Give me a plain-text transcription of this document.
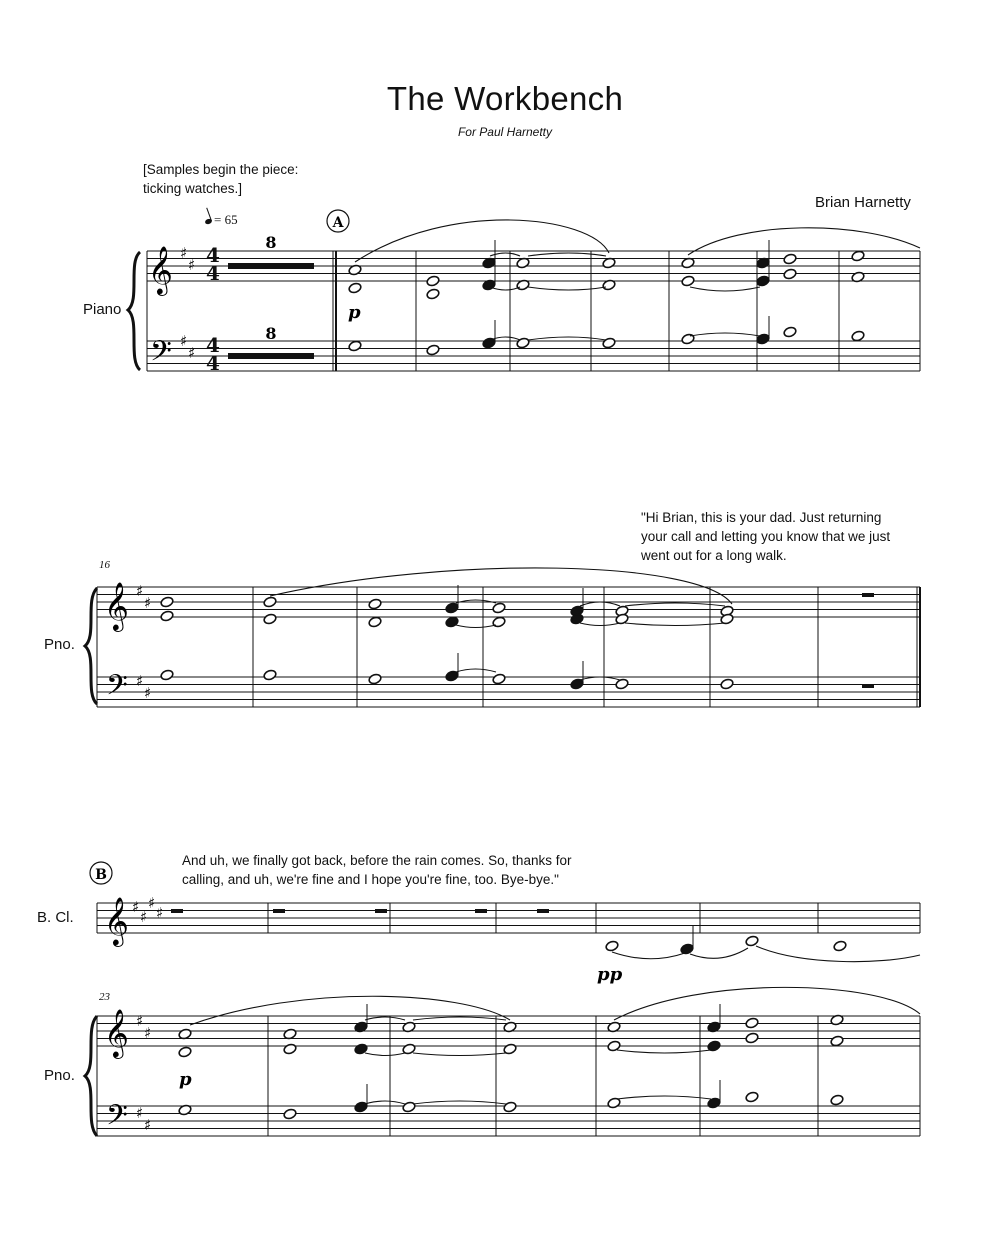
The Workbench
For Paul Harnetty
Brian Harnetty
[Samples begin the piece: ticking watches.]
= 65
Piano
Pno.
B. Cl.
Pno.
16
23
"Hi Brian, this is your dad. Just returning your call and letting you know that we just went out for a long walk.
And uh, we finally got back, before the rain comes. So, thanks for calling, and uh, we're fine and I hope you're fine, too. Bye-bye."
𝄞
𝄢
𝄞
𝄢
𝄞
𝄞
𝄢
♯
♯
♯
♯
♯
♯
♯
♯
♯
♯
♯
♯
♯
♯
♯
♯
4
4
4
4
8
8
A
B
p
pp
p
